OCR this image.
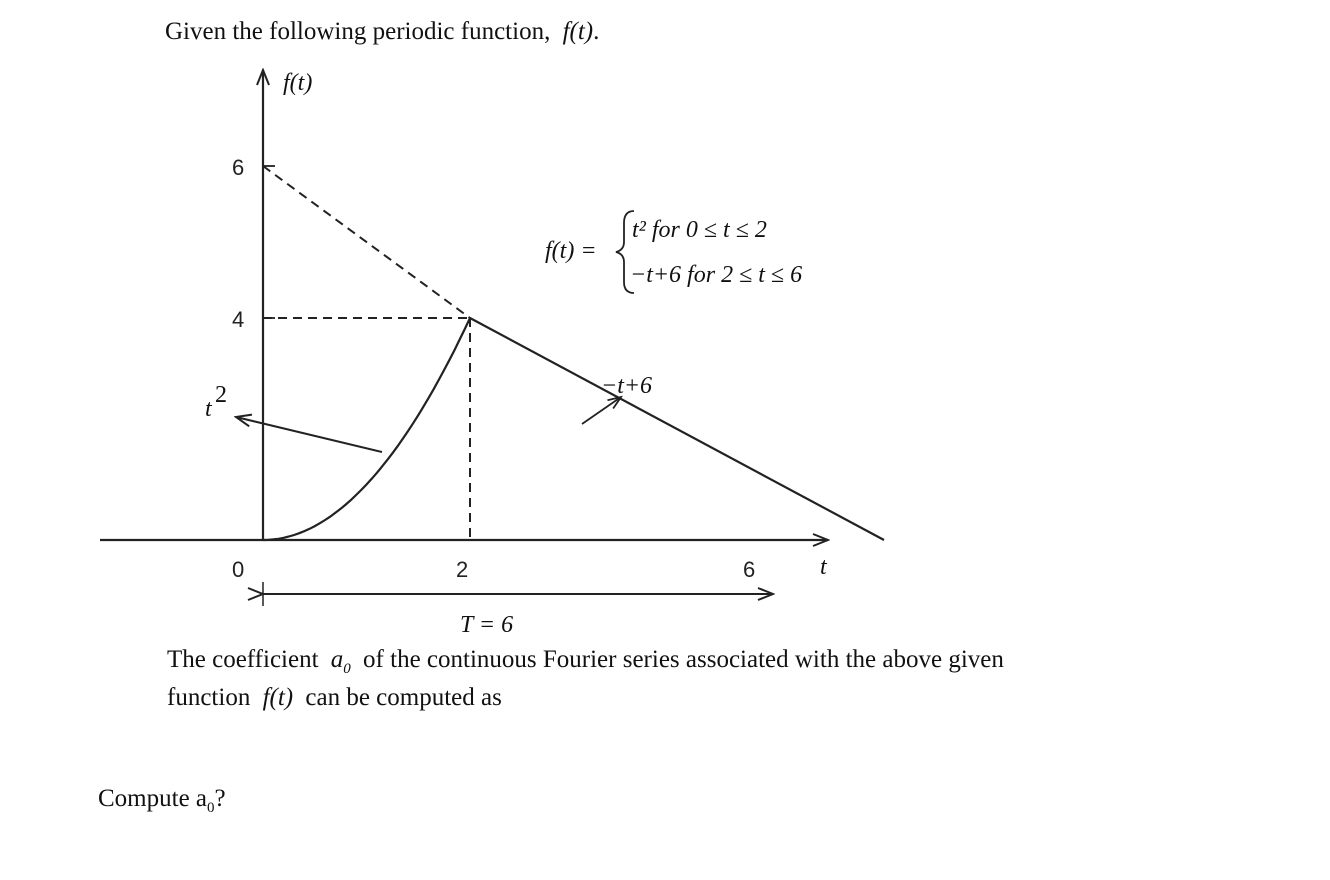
Given the following periodic function, f(t).
f(t)
t
6
4
0	2	6
t
2	−t+6
T = 6
f(t) =
t² for 0 ≤ t ≤ 2
−t+6 for 2 ≤ t ≤ 6
The coefficient $a_0$ of the continuous Fourier series associated with the above given
function f(t) can be computed as
Compute $a_0$?
